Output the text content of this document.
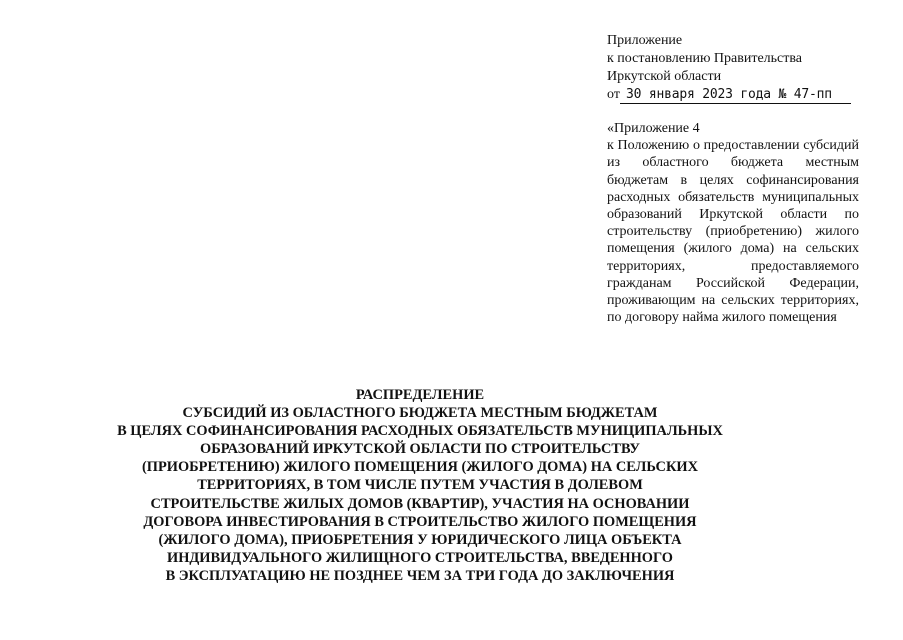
Приложение
к постановлению Правительства
Иркутской области
от 30 января 2023 года № 47-пп
«Приложение 4
к Положению о предоставлении субсидий из областного бюджета местным бюджетам в целях софинансирования расходных обязательств муниципальных образований Иркутской области по строительству (приобретению) жилого помещения (жилого дома) на сельских территориях, предоставляемого гражданам Российской Федерации, проживающим на сельских территориях, по договору найма жилого помещения
РАСПРЕДЕЛЕНИЕ
СУБСИДИЙ ИЗ ОБЛАСТНОГО БЮДЖЕТА МЕСТНЫМ БЮДЖЕТАМ
В ЦЕЛЯХ СОФИНАНСИРОВАНИЯ РАСХОДНЫХ ОБЯЗАТЕЛЬСТВ МУНИЦИПАЛЬНЫХ
ОБРАЗОВАНИЙ ИРКУТСКОЙ ОБЛАСТИ ПО СТРОИТЕЛЬСТВУ
(ПРИОБРЕТЕНИЮ) ЖИЛОГО ПОМЕЩЕНИЯ (ЖИЛОГО ДОМА) НА СЕЛЬСКИХ
ТЕРРИТОРИЯХ, В ТОМ ЧИСЛЕ ПУТЕМ УЧАСТИЯ В ДОЛЕВОМ
СТРОИТЕЛЬСТВЕ ЖИЛЫХ ДОМОВ (КВАРТИР), УЧАСТИЯ НА ОСНОВАНИИ
ДОГОВОРА ИНВЕСТИРОВАНИЯ В СТРОИТЕЛЬСТВО ЖИЛОГО ПОМЕЩЕНИЯ
(ЖИЛОГО ДОМА), ПРИОБРЕТЕНИЯ У ЮРИДИЧЕСКОГО ЛИЦА ОБЪЕКТА
ИНДИВИДУАЛЬНОГО ЖИЛИЩНОГО СТРОИТЕЛЬСТВА, ВВЕДЕННОГО
В ЭКСПЛУАТАЦИЮ НЕ ПОЗДНЕЕ ЧЕМ ЗА ТРИ ГОДА ДО ЗАКЛЮЧЕНИЯ
